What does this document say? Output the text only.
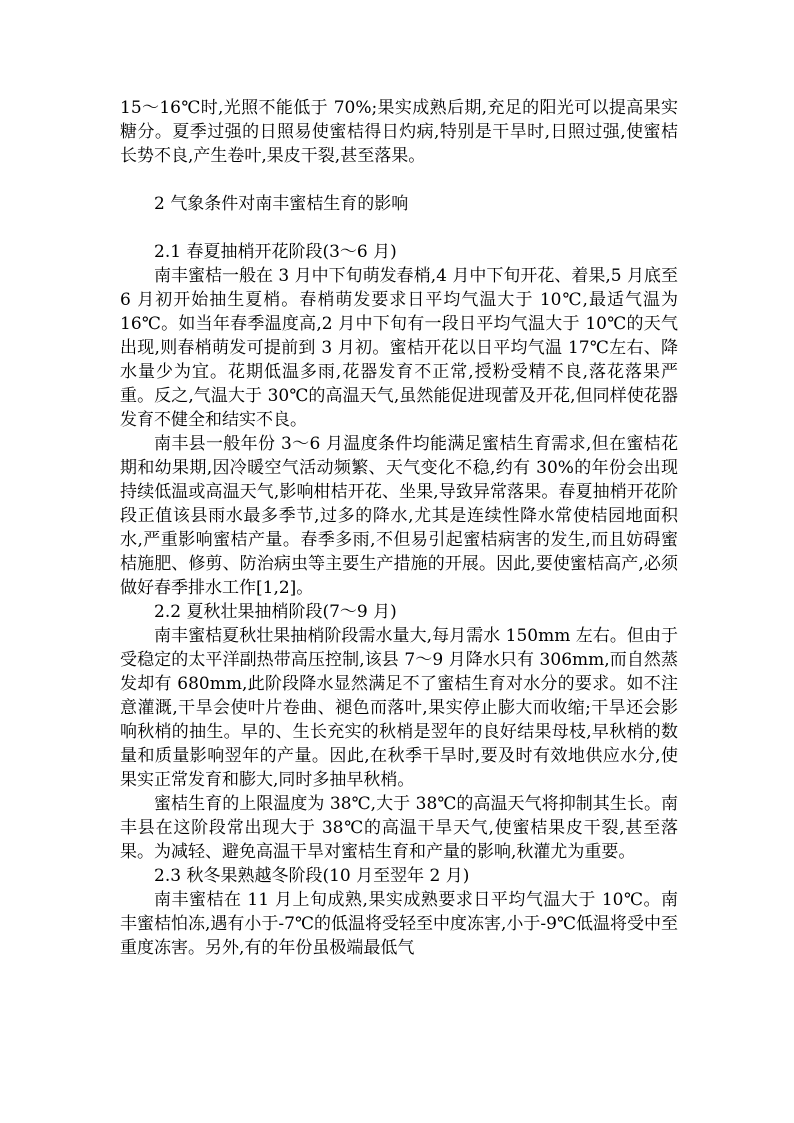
15～16℃时,光照不能低于 70%;果实成熟后期,充足的阳光可以提高果实糖分。夏季过强的日照易使蜜桔得日灼病,特别是干旱时,日照过强,使蜜桔长势不良,产生卷叶,果皮干裂,甚至落果。

2 气象条件对南丰蜜桔生育的影响

2.1 春夏抽梢开花阶段(3～6 月)

南丰蜜桔一般在 3 月中下旬萌发春梢,4 月中下旬开花、着果,5 月底至 6 月初开始抽生夏梢。春梢萌发要求日平均气温大于 10℃,最适气温为 16℃。如当年春季温度高,2 月中下旬有一段日平均气温大于 10℃的天气出现,则春梢萌发可提前到 3 月初。蜜桔开花以日平均气温 17℃左右、降水量少为宜。花期低温多雨,花器发育不正常,授粉受精不良,落花落果严重。反之,气温大于 30℃的高温天气,虽然能促进现蕾及开花,但同样使花器发育不健全和结实不良。

南丰县一般年份 3～6 月温度条件均能满足蜜桔生育需求,但在蜜桔花期和幼果期,因冷暖空气活动频繁、天气变化不稳,约有 30%的年份会出现持续低温或高温天气,影响柑桔开花、坐果,导致异常落果。春夏抽梢开花阶段正值该县雨水最多季节,过多的降水,尤其是连续性降水常使桔园地面积水,严重影响蜜桔产量。春季多雨,不但易引起蜜桔病害的发生,而且妨碍蜜桔施肥、修剪、防治病虫等主要生产措施的开展。因此,要使蜜桔高产,必须做好春季排水工作[1,2]。

2.2 夏秋壮果抽梢阶段(7～9 月)

南丰蜜桔夏秋壮果抽梢阶段需水量大,每月需水 150mm 左右。但由于受稳定的太平洋副热带高压控制,该县 7～9 月降水只有 306mm,而自然蒸发却有 680mm,此阶段降水显然满足不了蜜桔生育对水分的要求。如不注意灌溉,干旱会使叶片卷曲、褪色而落叶,果实停止膨大而收缩;干旱还会影响秋梢的抽生。早的、生长充实的秋梢是翌年的良好结果母枝,早秋梢的数量和质量影响翌年的产量。因此,在秋季干旱时,要及时有效地供应水分,使果实正常发育和膨大,同时多抽早秋梢。

蜜桔生育的上限温度为 38℃,大于 38℃的高温天气将抑制其生长。南丰县在这阶段常出现大于 38℃的高温干旱天气,使蜜桔果皮干裂,甚至落果。为减轻、避免高温干旱对蜜桔生育和产量的影响,秋灌尤为重要。

2.3 秋冬果熟越冬阶段(10 月至翌年 2 月)

南丰蜜桔在 11 月上旬成熟,果实成熟要求日平均气温大于 10℃。南丰蜜桔怕冻,遇有小于-7℃的低温将受轻至中度冻害,小于-9℃低温将受中至重度冻害。另外,有的年份虽极端最低气
